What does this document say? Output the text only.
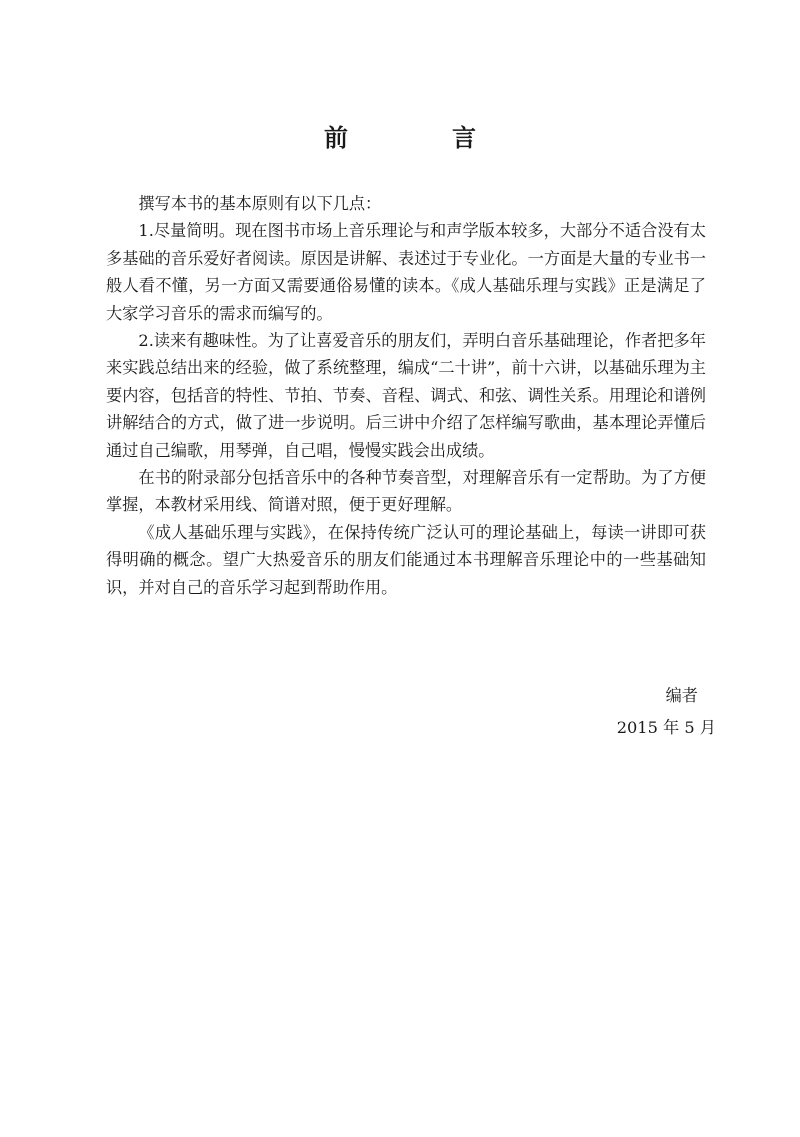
前　言

撰写本书的基本原则有以下几点：

1.尽量简明。现在图书市场上音乐理论与和声学版本较多，大部分不适合没有太多基础的音乐爱好者阅读。原因是讲解、表述过于专业化。一方面是大量的专业书一般人看不懂，另一方面又需要通俗易懂的读本。《成人基础乐理与实践》正是满足了大家学习音乐的需求而编写的。

2.读来有趣味性。为了让喜爱音乐的朋友们，弄明白音乐基础理论，作者把多年来实践总结出来的经验，做了系统整理，编成“二十讲”，前十六讲，以基础乐理为主要内容，包括音的特性、节拍、节奏、音程、调式、和弦、调性关系。用理论和谱例讲解结合的方式，做了进一步说明。后三讲中介绍了怎样编写歌曲，基本理论弄懂后通过自己编歌，用琴弹，自己唱，慢慢实践会出成绩。

在书的附录部分包括音乐中的各种节奏音型，对理解音乐有一定帮助。为了方便掌握，本教材采用线、简谱对照，便于更好理解。

《成人基础乐理与实践》，在保持传统广泛认可的理论基础上，每读一讲即可获得明确的概念。望广大热爱音乐的朋友们能通过本书理解音乐理论中的一些基础知识，并对自己的音乐学习起到帮助作用。

编者
2015 年 5 月
